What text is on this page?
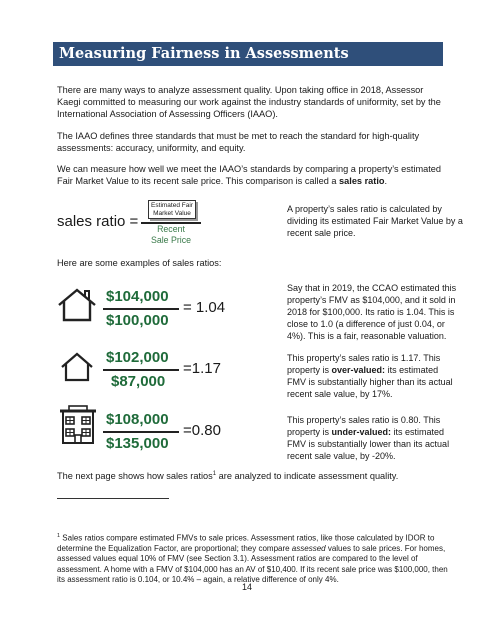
Measuring Fairness in Assessments

There are many ways to analyze assessment quality. Upon taking office in 2018, Assessor Kaegi committed to measuring our work against the industry standards of uniformity, set by the International Association of Assessing Officers (IAAO).

The IAAO defines three standards that must be met to reach the standard for high-quality assessments: accuracy, uniformity, and equity.

We can measure how well we meet the IAAO’s standards by comparing a property’s estimated Fair Market Value to its recent sale price. This comparison is called a sales ratio.

sales ratio =
Estimated Fair
Market Value
Recent
Sale Price

A property’s sales ratio is calculated by dividing its estimated Fair Market Value by a recent sale price.

Here are some examples of sales ratios:

$104,000
$100,000
= 1.04

Say that in 2019, the CCAO estimated this property’s FMV as $104,000, and it sold in 2018 for $100,000. Its ratio is 1.04. This is close to 1.0 (a difference of just 0.04, or 4%). This is a fair, reasonable valuation.

$102,000
$87,000
=1.17

This property’s sales ratio is 1.17. This property is over-valued: its estimated FMV is substantially higher than its actual recent sale value, by 17%.

$108,000
$135,000
=0.80

This property’s sales ratio is 0.80. This property is under-valued: its estimated FMV is substantially lower than its actual recent sale value, by -20%.

The next page shows how sales ratios$^1$ are analyzed to indicate assessment quality.

$^1$ Sales ratios compare estimated FMVs to sale prices. Assessment ratios, like those calculated by IDOR to determine the Equalization Factor, are proportional; they compare assessed values to sale prices. For homes, assessed values equal 10% of FMV (see Section 3.1). Assessment ratios are compared to the level of assessment. A home with a FMV of $104,000 has an AV of $10,400. If its recent sale price was $100,000, then its assessment ratio is 0.104, or 10.4% – again, a relative difference of only 4%.

14
